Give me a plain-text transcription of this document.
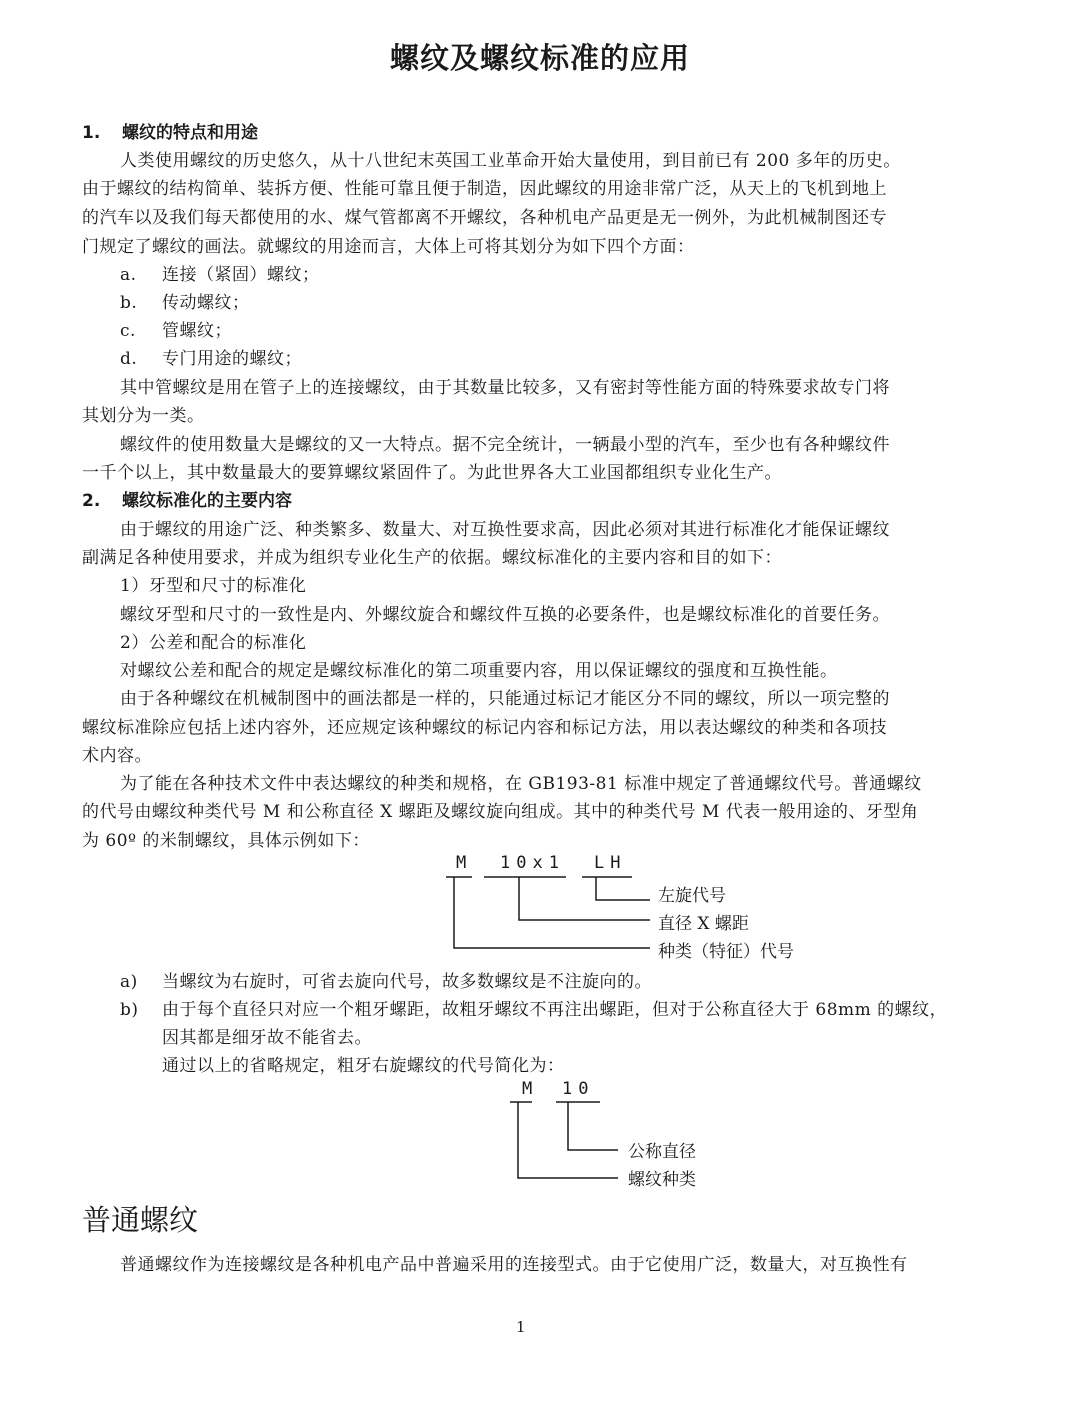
螺纹及螺纹标准的应用
1. 螺纹的特点和用途
人类使用螺纹的历史悠久，从十八世纪末英国工业革命开始大量使用，到目前已有 200 多年的历史。
由于螺纹的结构简单、装拆方便、性能可靠且便于制造，因此螺纹的用途非常广泛，从天上的飞机到地上
的汽车以及我们每天都使用的水、煤气管都离不开螺纹，各种机电产品更是无一例外，为此机械制图还专
门规定了螺纹的画法。就螺纹的用途而言，大体上可将其划分为如下四个方面：
a. 连接（紧固）螺纹；
b. 传动螺纹；
c. 管螺纹；
d. 专门用途的螺纹；
其中管螺纹是用在管子上的连接螺纹，由于其数量比较多，又有密封等性能方面的特殊要求故专门将
其划分为一类。
螺纹件的使用数量大是螺纹的又一大特点。据不完全统计，一辆最小型的汽车，至少也有各种螺纹件
一千个以上，其中数量最大的要算螺纹紧固件了。为此世界各大工业国都组织专业化生产。
2. 螺纹标准化的主要内容
由于螺纹的用途广泛、种类繁多、数量大、对互换性要求高，因此必须对其进行标准化才能保证螺纹
副满足各种使用要求，并成为组织专业化生产的依据。螺纹标准化的主要内容和目的如下：
1）牙型和尺寸的标准化
螺纹牙型和尺寸的一致性是内、外螺纹旋合和螺纹件互换的必要条件，也是螺纹标准化的首要任务。
2）公差和配合的标准化
对螺纹公差和配合的规定是螺纹标准化的第二项重要内容，用以保证螺纹的强度和互换性能。
由于各种螺纹在机械制图中的画法都是一样的，只能通过标记才能区分不同的螺纹，所以一项完整的
螺纹标准除应包括上述内容外，还应规定该种螺纹的标记内容和标记方法，用以表达螺纹的种类和各项技
术内容。
为了能在各种技术文件中表达螺纹的种类和规格，在 GB193-81 标准中规定了普通螺纹代号。普通螺纹
的代号由螺纹种类代号 M 和公称直径 X 螺距及螺纹旋向组成。其中的种类代号 M 代表一般用途的、牙型角
为 60º 的米制螺纹，具体示例如下：
M 10x1 LH
左旋代号
直径 X 螺距
种类（特征）代号
a) 当螺纹为右旋时，可省去旋向代号，故多数螺纹是不注旋向的。
b) 由于每个直径只对应一个粗牙螺距，故粗牙螺纹不再注出螺距，但对于公称直径大于 68mm 的螺纹，
因其都是细牙故不能省去。
通过以上的省略规定，粗牙右旋螺纹的代号简化为：
M 10
公称直径
螺纹种类
普通螺纹
普通螺纹作为连接螺纹是各种机电产品中普遍采用的连接型式。由于它使用广泛，数量大，对互换性有
1
